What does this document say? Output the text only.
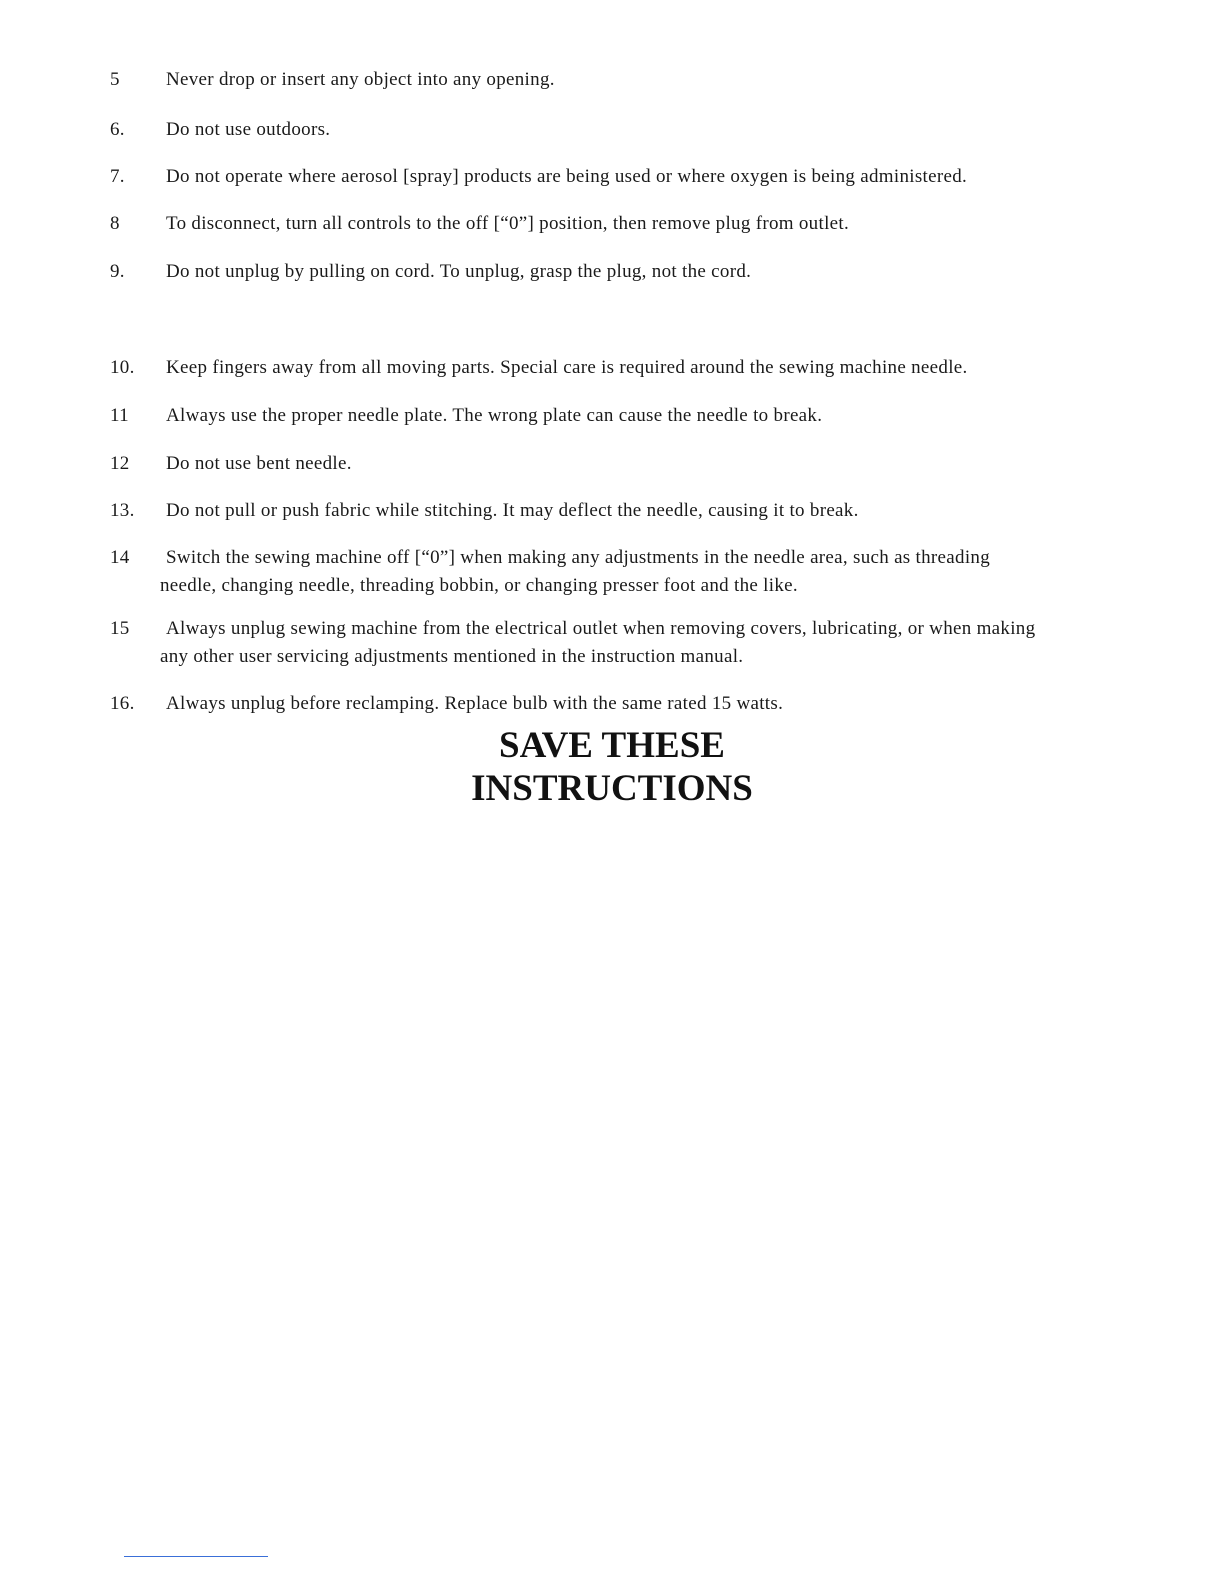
5	Never drop or insert any object into any opening.
6.	Do not use outdoors.
7.	Do not operate where aerosol [spray] products are being used or where oxygen is being administered.
8	To disconnect, turn all controls to the off [“0”] position, then remove plug from outlet.
9.	Do not unplug by pulling on cord. To unplug, grasp the plug, not the cord.
10.	Keep fingers away from all moving parts. Special care is required around the sewing machine needle.
11	Always use the proper needle plate. The wrong plate can cause the needle to break.
12	Do not use bent needle.
13.	Do not pull or push fabric while stitching. It may deflect the needle, causing it to break.
14	Switch the sewing machine off [“0”] when making any adjustments in the needle area, such as threading
needle, changing needle, threading bobbin, or changing presser foot and the like.
15	Always unplug sewing machine from the electrical outlet when removing covers, lubricating, or when making
any other user servicing adjustments mentioned in the instruction manual.
16.	Always unplug before reclamping. Replace bulb with the same rated 15 watts.
SAVE THESE
INSTRUCTIONS
